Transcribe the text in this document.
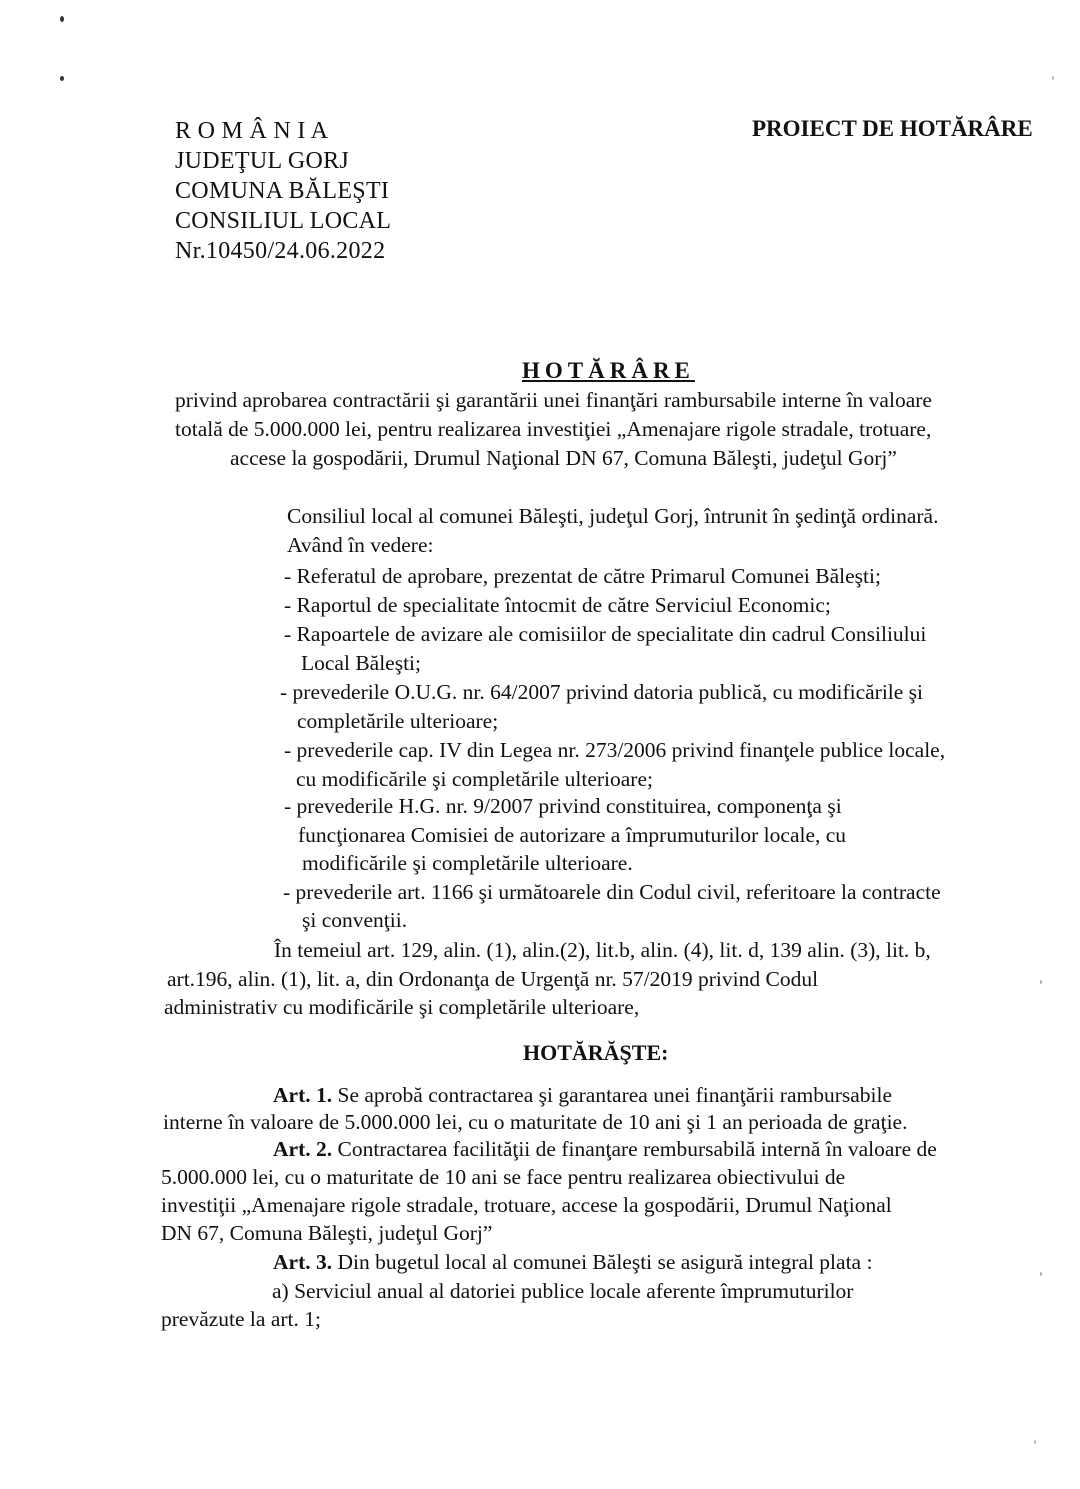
R O M Â N I A
JUDEŢUL GORJ
COMUNA BĂLEŞTI
CONSILIUL LOCAL
Nr.10450/24.06.2022
PROIECT DE HOTĂRÂRE
HOTĂRÂRE
privind aprobarea contractării şi garantării unei finanţări rambursabile interne în valoare
totală de 5.000.000 lei, pentru realizarea investiţiei „Amenajare rigole stradale, trotuare,
accese la gospodării, Drumul Naţional DN 67, Comuna Băleşti, judeţul Gorj”
Consiliul local al comunei Băleşti, judeţul Gorj, întrunit în şedinţă ordinară.
Având în vedere:
- Referatul de aprobare, prezentat de către Primarul Comunei Băleşti;
- Raportul de specialitate întocmit de către Serviciul Economic;
- Rapoartele de avizare ale comisiilor de specialitate din cadrul Consiliului
Local Băleşti;
- prevederile O.U.G. nr. 64/2007 privind datoria publică, cu modificările şi
completările ulterioare;
- prevederile cap. IV din Legea nr. 273/2006 privind finanţele publice locale,
cu modificările şi completările ulterioare;
- prevederile H.G. nr. 9/2007 privind constituirea, componenţa şi
funcţionarea Comisiei de autorizare a împrumuturilor locale, cu
modificările şi completările ulterioare.
- prevederile art. 1166 şi următoarele din Codul civil, referitoare la contracte
şi convenţii.
În temeiul art. 129, alin. (1), alin.(2), lit.b, alin. (4), lit. d, 139 alin. (3), lit. b,
art.196, alin. (1), lit. a, din Ordonanţa de Urgenţă nr. 57/2019 privind Codul
administrativ cu modificările şi completările ulterioare,
HOTĂRĂŞTE:
Art. 1. Se aprobă contractarea şi garantarea unei finanţării rambursabile
interne în valoare de 5.000.000 lei, cu o maturitate de 10 ani şi 1 an perioada de graţie.
Art. 2. Contractarea facilităţii de finanţare rembursabilă internă în valoare de
5.000.000 lei, cu o maturitate de 10 ani se face pentru realizarea obiectivului de
investiţii „Amenajare rigole stradale, trotuare, accese la gospodării, Drumul Naţional
DN 67, Comuna Băleşti, judeţul Gorj”
Art. 3. Din bugetul local al comunei Băleşti se asigură integral plata :
a) Serviciul anual al datoriei publice locale aferente împrumuturilor
prevăzute la art. 1;
